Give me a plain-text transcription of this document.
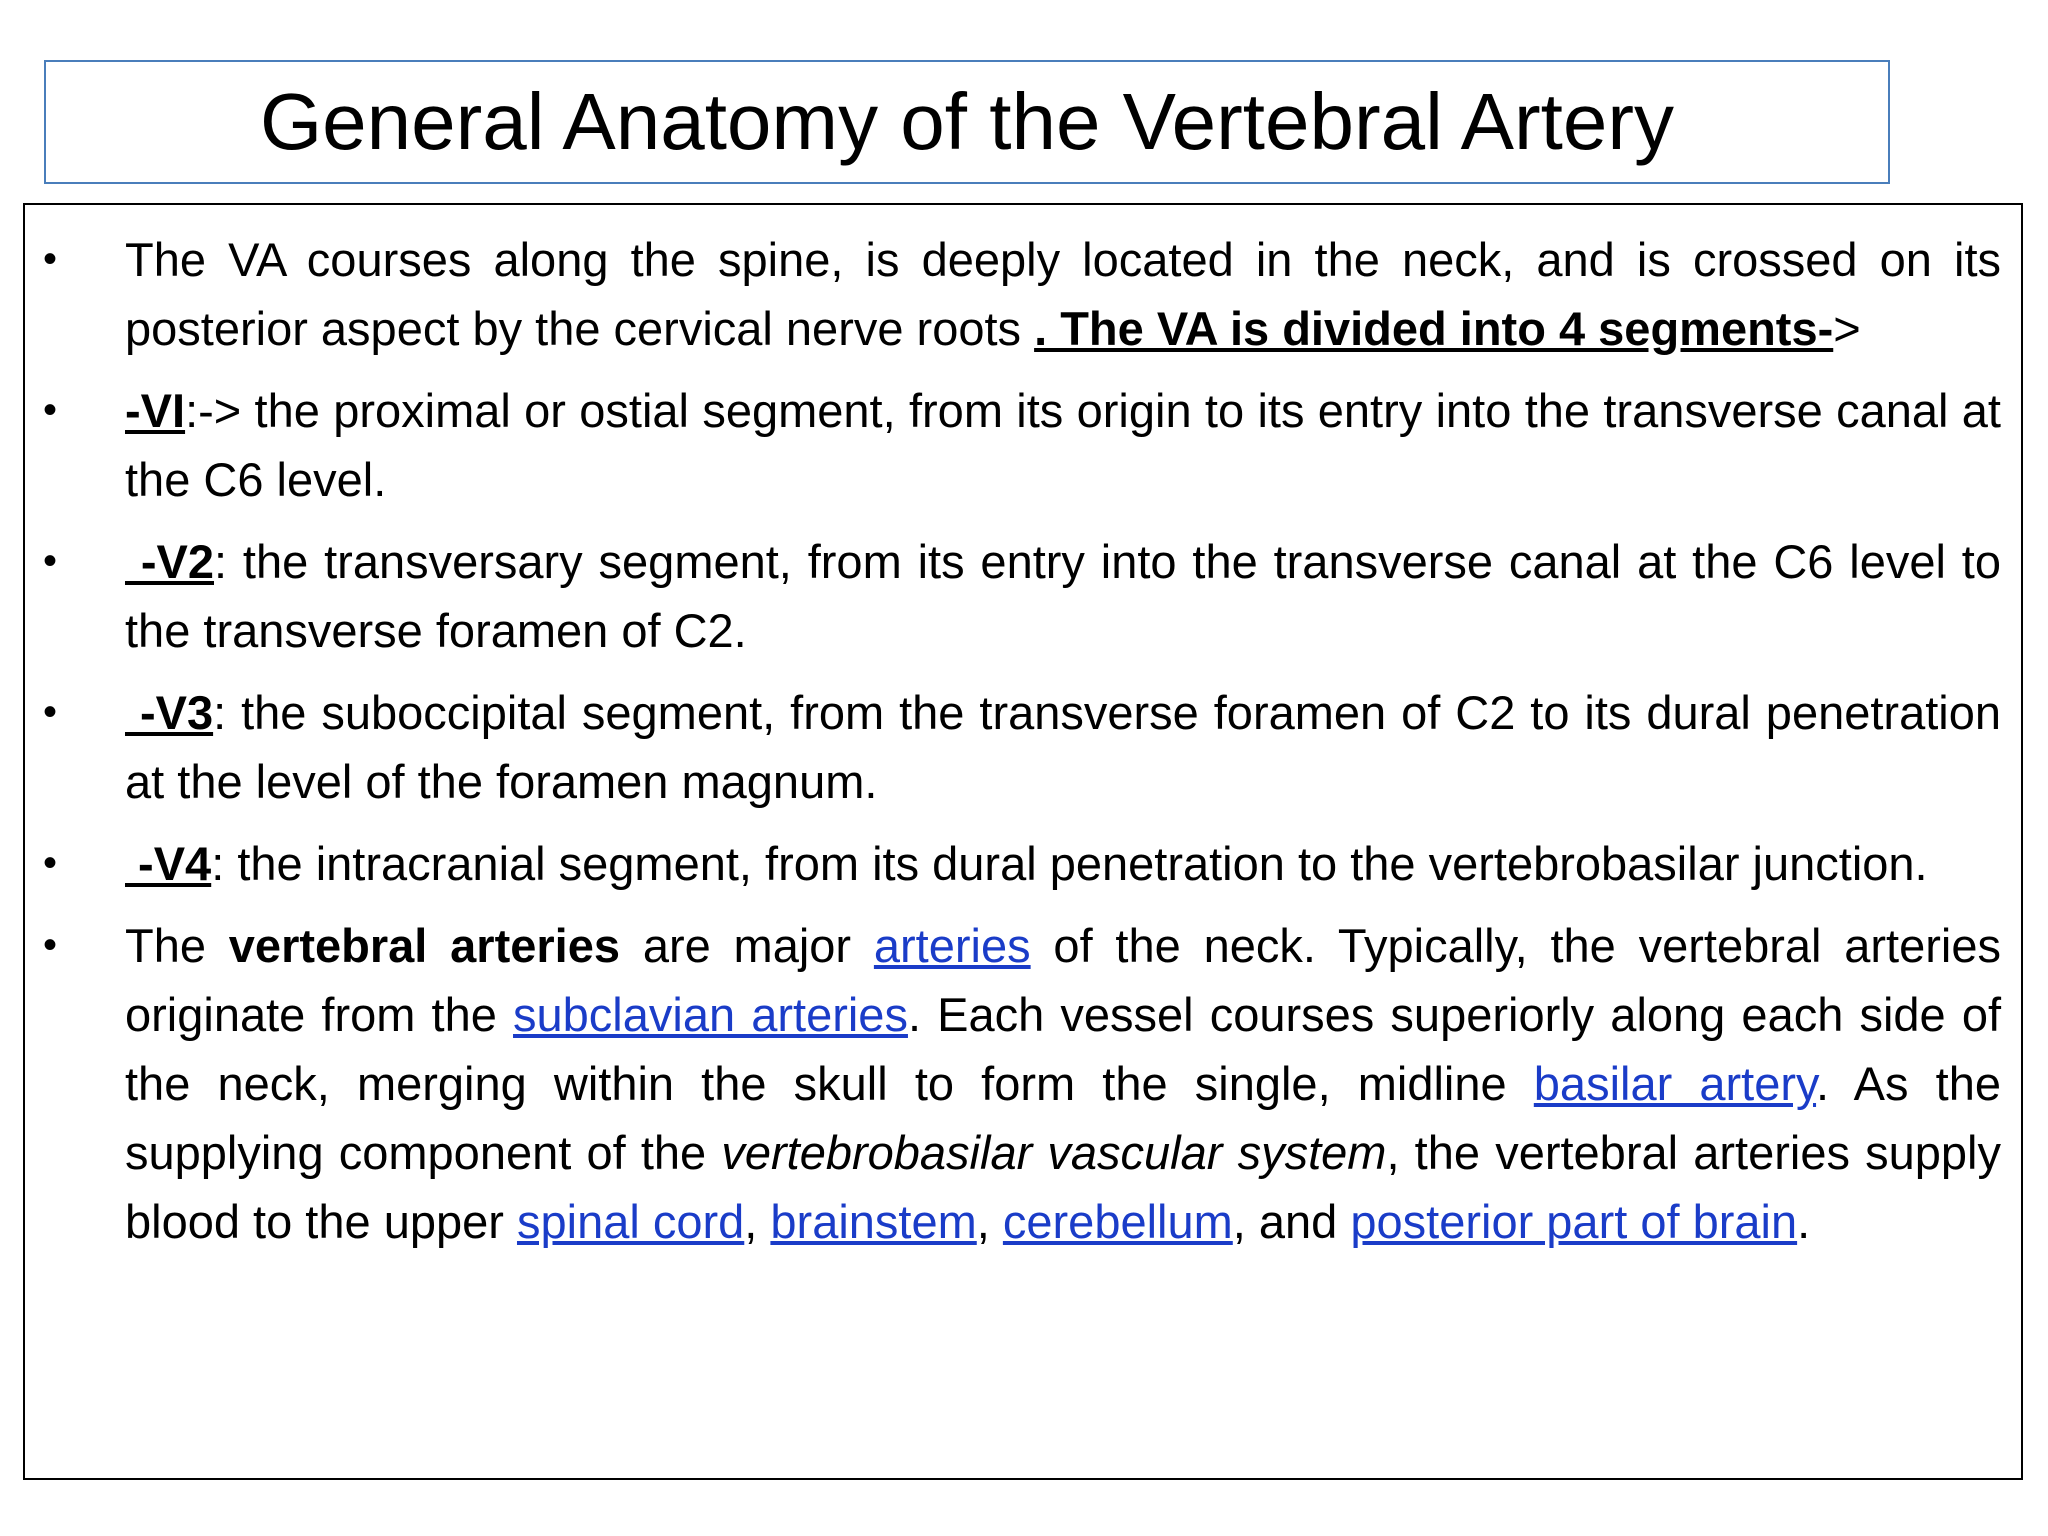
General Anatomy of the Vertebral Artery
• The VA courses along the spine, is deeply located in the neck, and is crossed on its posterior aspect by the cervical nerve roots . The VA is divided into 4 segments->
• -VI:-> the proximal or ostial segment, from its origin to its entry into the transverse canal at the C6 level.
• -V2: the transversary segment, from its entry into the transverse canal at the C6 level to the transverse foramen of C2.
• -V3: the suboccipital segment, from the transverse foramen of C2 to its dural penetration at the level of the foramen magnum.
• -V4: the intracranial segment, from its dural penetration to the vertebrobasilar junction.
• The vertebral arteries are major arteries of the neck. Typically, the vertebral arteries originate from the subclavian arteries. Each vessel courses superiorly along each side of the neck, merging within the skull to form the single, midline basilar artery. As the supplying component of the vertebrobasilar vascular system, the vertebral arteries supply blood to the upper spinal cord, brainstem, cerebellum, and posterior part of brain.
